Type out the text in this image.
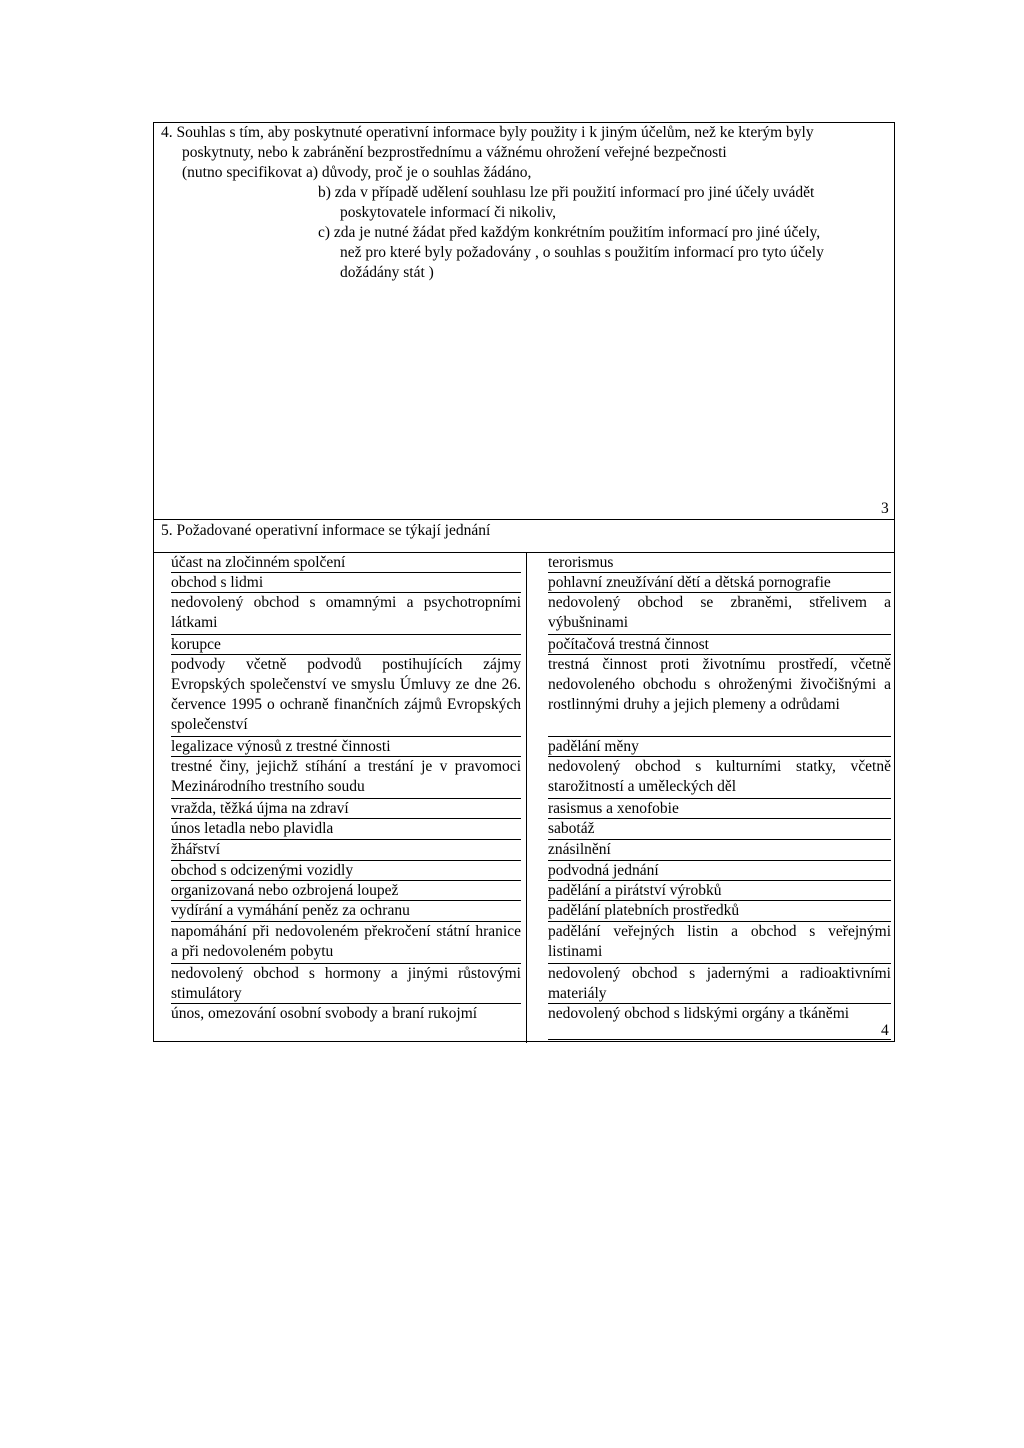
4. Souhlas s tím, aby poskytnuté operativní informace byly použity i k jiným účelům, než ke kterým byly
poskytnuty, nebo k zabránění bezprostřednímu a vážnému ohrožení veřejné bezpečnosti
(nutno specifikovat a) důvody, proč je o souhlas žádáno,
b) zda v případě udělení souhlasu lze při použití informací pro jiné účely uvádět
poskytovatele informací či nikoliv,
c) zda je nutné žádat před každým konkrétním použitím informací pro jiné účely,
než pro které byly požadovány , o souhlas s použitím informací pro tyto účely
dožádány stát )
3
5. Požadované operativní informace se týkají jednání
účast na zločinném spolčení
obchod s lidmi
nedovolený obchod s omamnými a psychotropními látkami
korupce
podvody včetně podvodů postihujících zájmy Evropských společenství ve smyslu Úmluvy ze dne 26. července 1995 o ochraně finančních zájmů Evropských společenství
legalizace výnosů z trestné činnosti
trestné činy, jejichž stíhání a trestání je v pravomoci Mezinárodního trestního soudu
vražda, těžká újma na zdraví
únos letadla nebo plavidla
žhářství
obchod s odcizenými vozidly
organizovaná nebo ozbrojená loupež
vydírání a vymáhání peněz za ochranu
napomáhání při nedovoleném překročení státní hranice a při nedovoleném pobytu
nedovolený obchod s hormony a jinými růstovými stimulátory
únos, omezování osobní svobody a braní rukojmí
terorismus
pohlavní zneužívání dětí a dětská pornografie
nedovolený obchod se zbraněmi, střelivem a výbušninami
počítačová trestná činnost
trestná činnost proti životnímu prostředí, včetně nedovoleného obchodu s ohroženými živočišnými a rostlinnými druhy a jejich plemeny a odrůdami
padělání měny
nedovolený obchod s kulturními statky, včetně starožitností a uměleckých děl
rasismus a xenofobie
sabotáž
znásilnění
podvodná jednání
padělání a pirátství výrobků
padělání platebních prostředků
padělání veřejných listin a obchod s veřejnými listinami
nedovolený obchod s jadernými a radioaktivními materiály
nedovolený obchod s lidskými orgány a tkáněmi
4
